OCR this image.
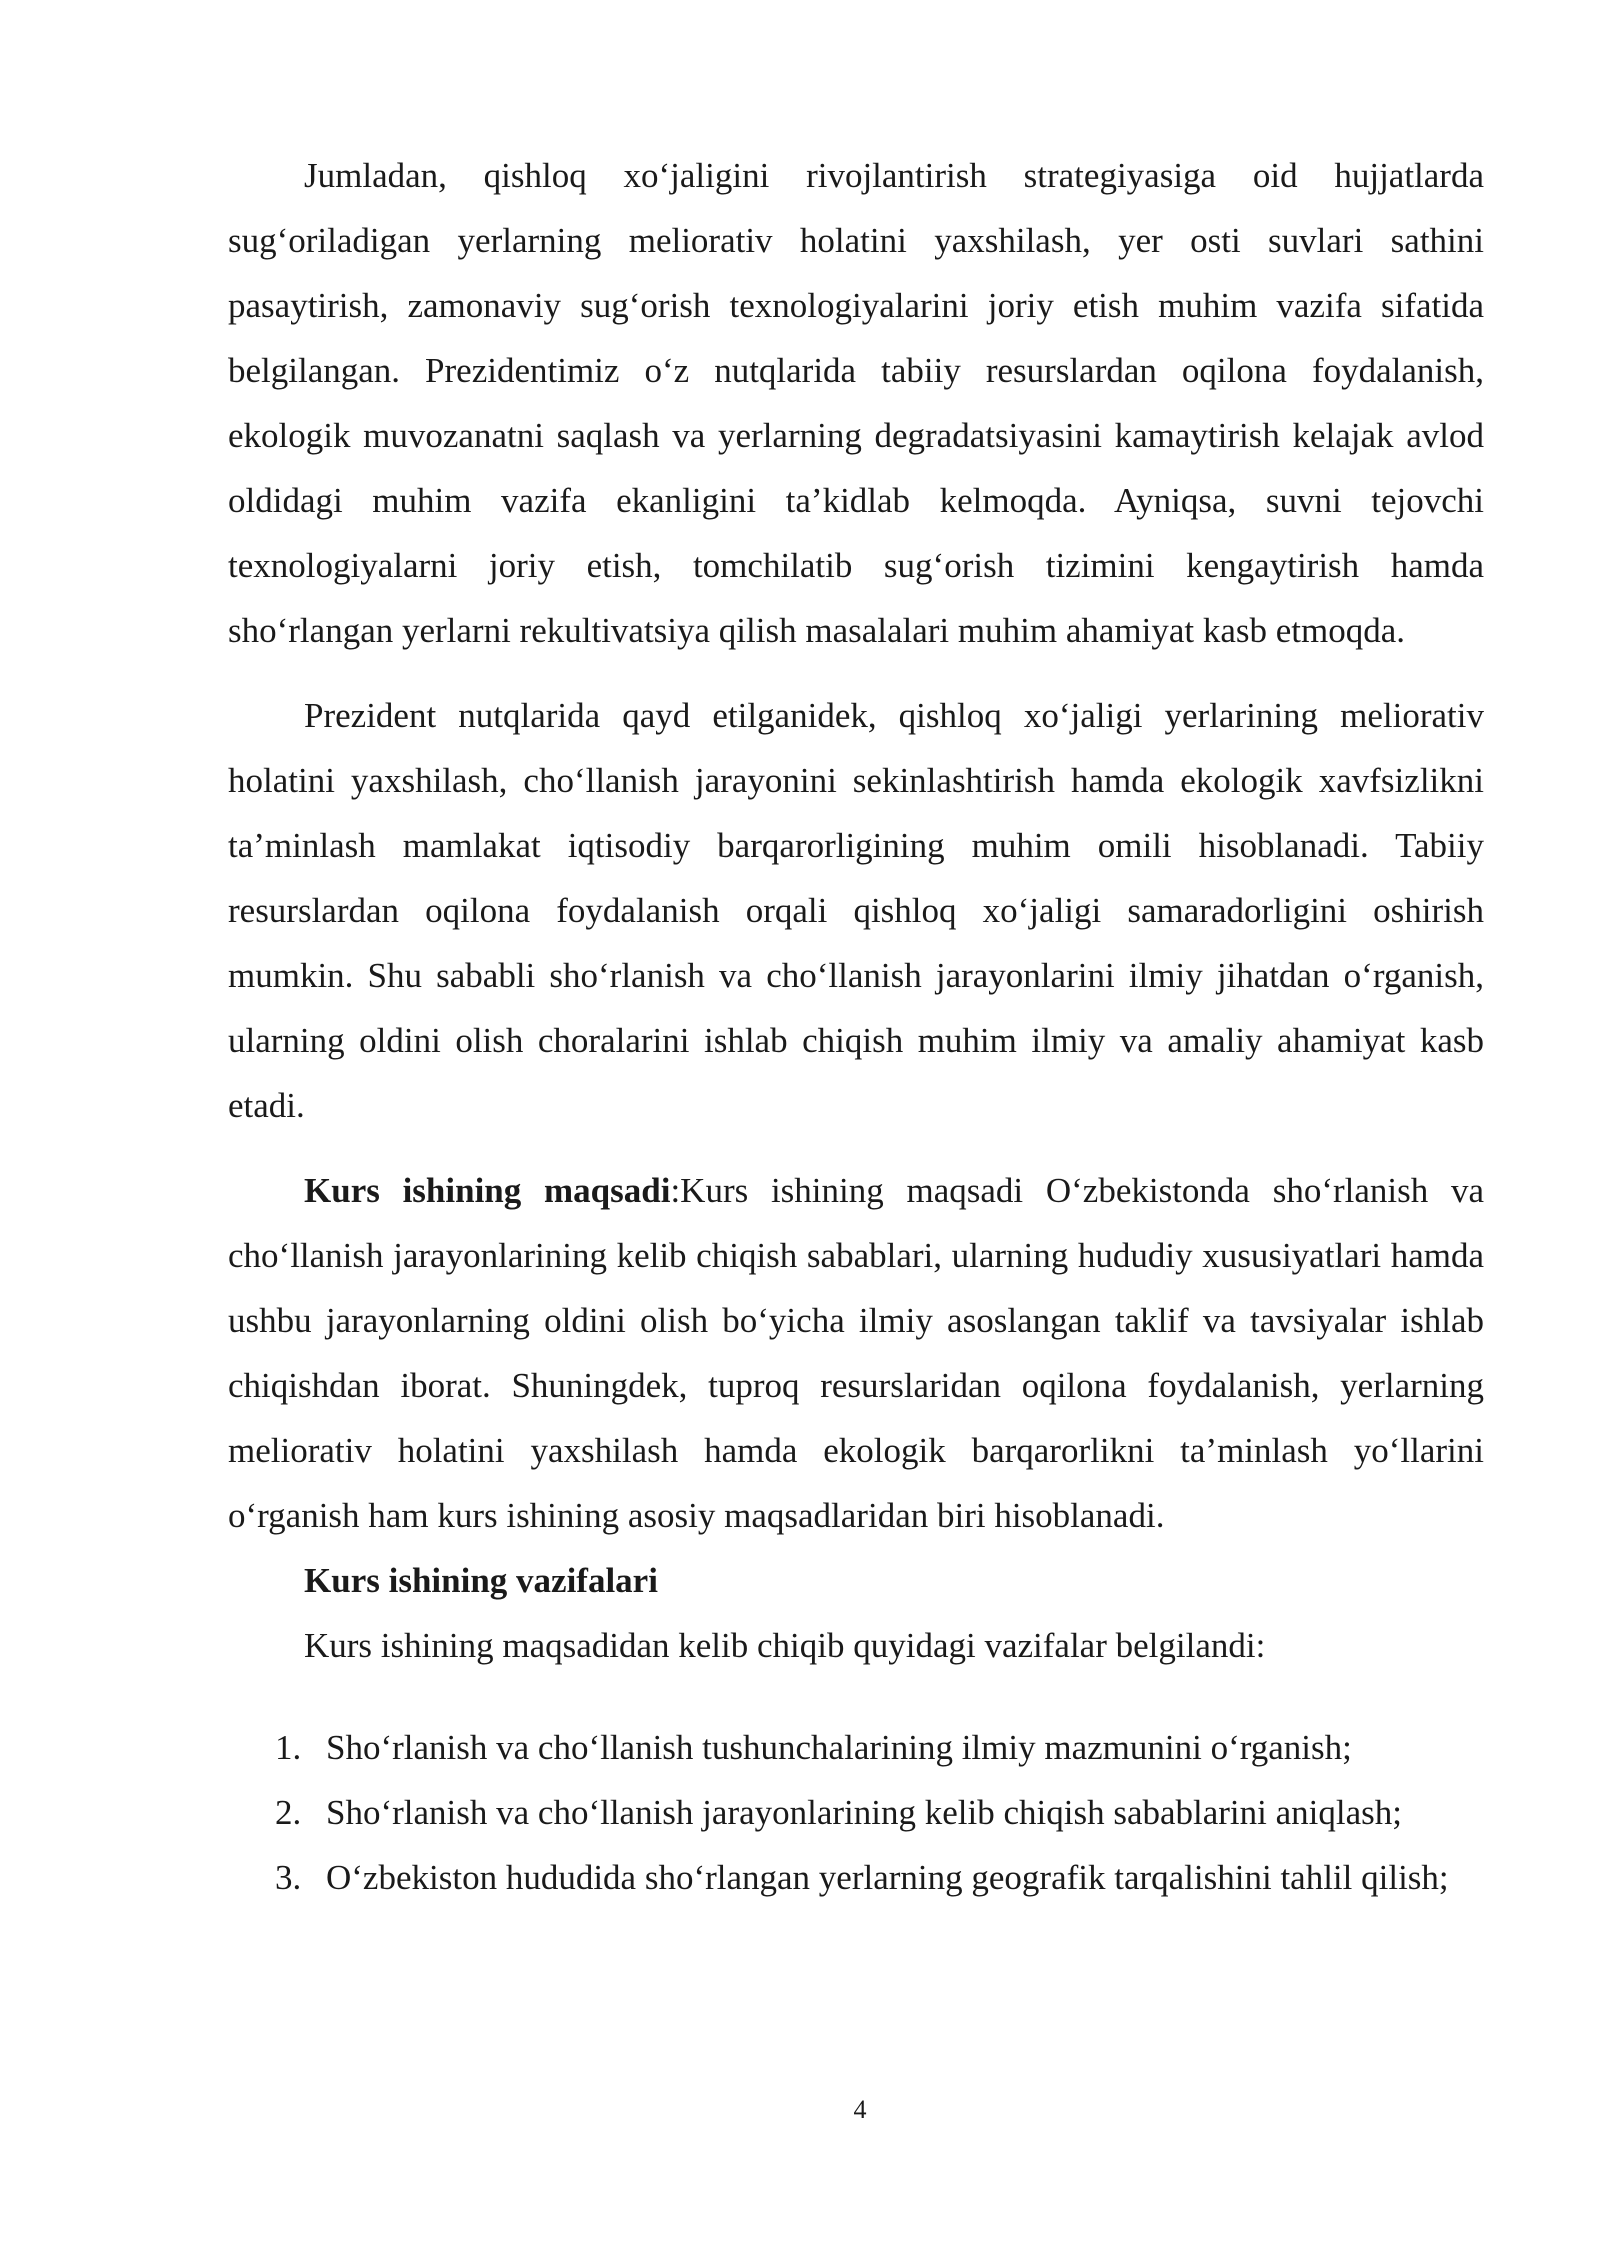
Jumladan, qishloq xo‘jaligini rivojlantirish strategiyasiga oid hujjatlarda sug‘oriladigan yerlarning meliorativ holatini yaxshilash, yer osti suvlari sathini pasaytirish, zamonaviy sug‘orish texnologiyalarini joriy etish muhim vazifa sifatida belgilangan. Prezidentimiz o‘z nutqlarida tabiiy resurslardan oqilona foydalanish, ekologik muvozanatni saqlash va yerlarning degradatsiyasini kamaytirish kelajak avlod oldidagi muhim vazifa ekanligini ta’kidlab kelmoqda. Ayniqsa, suvni tejovchi texnologiyalarni joriy etish, tomchilatib sug‘orish tizimini kengaytirish hamda sho‘rlangan yerlarni rekultivatsiya qilish masalalari muhim ahamiyat kasb etmoqda.

Prezident nutqlarida qayd etilganidek, qishloq xo‘jaligi yerlarining meliorativ holatini yaxshilash, cho‘llanish jarayonini sekinlashtirish hamda ekologik xavfsizlikni ta’minlash mamlakat iqtisodiy barqarorligining muhim omili hisoblanadi. Tabiiy resurslardan oqilona foydalanish orqali qishloq xo‘jaligi samaradorligini oshirish mumkin. Shu sababli sho‘rlanish va cho‘llanish jarayonlarini ilmiy jihatdan o‘rganish, ularning oldini olish choralarini ishlab chiqish muhim ilmiy va amaliy ahamiyat kasb etadi.

Kurs ishining maqsadi:Kurs ishining maqsadi O‘zbekistonda sho‘rlanish va cho‘llanish jarayonlarining kelib chiqish sabablari, ularning hududiy xususiyatlari hamda ushbu jarayonlarning oldini olish bo‘yicha ilmiy asoslangan taklif va tavsiyalar ishlab chiqishdan iborat. Shuningdek, tuproq resurslaridan oqilona foydalanish, yerlarning meliorativ holatini yaxshilash hamda ekologik barqarorlikni ta’minlash yo‘llarini o‘rganish ham kurs ishining asosiy maqsadlaridan biri hisoblanadi.

Kurs ishining vazifalari

Kurs ishining maqsadidan kelib chiqib quyidagi vazifalar belgilandi:

1. Sho‘rlanish va cho‘llanish tushunchalarining ilmiy mazmunini o‘rganish;
2. Sho‘rlanish va cho‘llanish jarayonlarining kelib chiqish sabablarini aniqlash;
3. O‘zbekiston hududida sho‘rlangan yerlarning geografik tarqalishini tahlil qilish;
4
